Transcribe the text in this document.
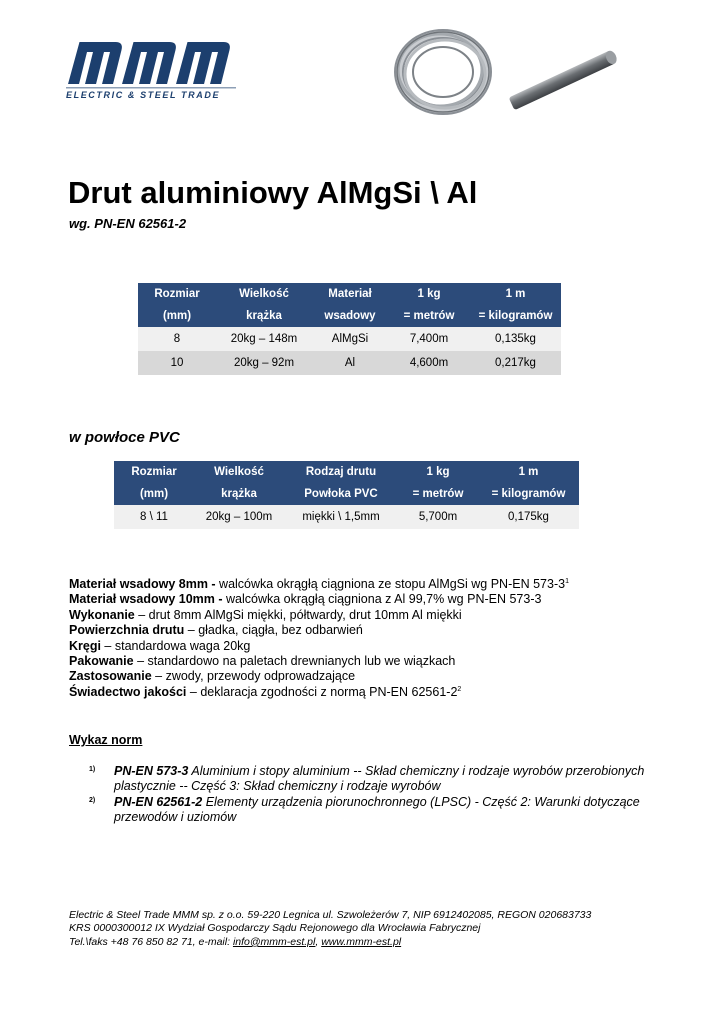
ELECTRIC & STEEL TRADE
Drut aluminiowy AlMgSi \ Al
wg. PN-EN 62561-2
Rozmiar	Wielkość	Materiał	1 kg	1 m
(mm)	krążka	wsadowy	= metrów	= kilogramów
8	20kg – 148m	AlMgSi	7,400m	0,135kg
10	20kg – 92m	Al	4,600m	0,217kg
w powłoce PVC
Rozmiar	Wielkość	Rodzaj drutu	1 kg	1 m
(mm)	krążka	Powłoka PVC	= metrów	= kilogramów
8 \ 11	20kg – 100m	miękki \ 1,5mm	5,700m	0,175kg
Materiał wsadowy 8mm - walcówka okrągłą ciągniona ze stopu AlMgSi wg PN-EN $573-3^1$
Materiał wsadowy 10mm - walcówka okrągłą ciągniona z Al 99,7% wg PN-EN 573-3
Wykonanie – drut 8mm AlMgSi miękki, półtwardy, drut 10mm Al miękki
Powierzchnia drutu – gładka, ciągła, bez odbarwień
Kręgi – standardowa waga 20kg
Pakowanie – standardowo na paletach drewnianych lub we wiązkach
Zastosowanie – zwody, przewody odprowadzające
Świadectwo jakości – deklaracja zgodności z normą PN-EN $62561-2^2$
Wykaz norm
1) PN-EN 573-3 Aluminium i stopy aluminium -- Skład chemiczny i rodzaje wyrobów przerobionych plastycznie -- Część 3: Skład chemiczny i rodzaje wyrobów
2) PN-EN 62561-2 Elementy urządzenia piorunochronnego (LPSC) - Część 2: Warunki dotyczące przewodów i uziomów
Electric & Steel Trade MMM sp. z o.o. 59-220 Legnica ul. Szwoleżerów 7, NIP 6912402085, REGON 020683733
KRS 0000300012 IX Wydział Gospodarczy Sądu Rejonowego dla Wrocławia Fabrycznej
Tel.\faks +48 76 850 82 71, e-mail: info@mmm-est.pl, www.mmm-est.pl
